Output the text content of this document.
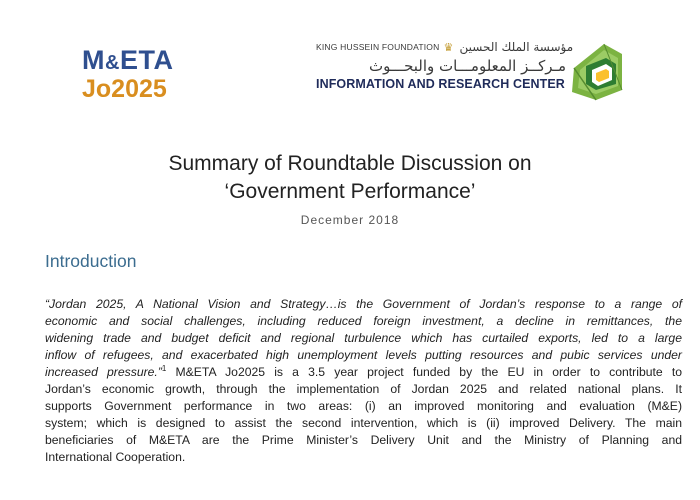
M&ETA
Jo2025
KING HUSSEIN FOUNDATION ♛ مؤسسة الملك الحسين
مـركــز المعلومـــات والبحـــوث
INFORMATION AND RESEARCH CENTER
Summary of Roundtable Discussion on
‘Government Performance’
December 2018
Introduction
“Jordan 2025, A National Vision and Strategy…is the Government of Jordan’s response to a range of
economic and social challenges, including reduced foreign investment, a decline in remittances, the
widening trade and budget deficit and regional turbulence which has curtailed exports, led to a large
inflow of refugees, and exacerbated high unemployment levels putting resources and pubic services under
increased pressure.”$^1$ M&ETA Jo2025 is a 3.5 year project funded by the EU in order to contribute to
Jordan’s economic growth, through the implementation of Jordan 2025 and related national plans. It
supports Government performance in two areas: (i) an improved monitoring and evaluation (M&E)
system; which is designed to assist the second intervention, which is (ii) improved Delivery. The main
beneficiaries of M&ETA are the Prime Minister’s Delivery Unit and the Ministry of Planning and
International Cooperation.
